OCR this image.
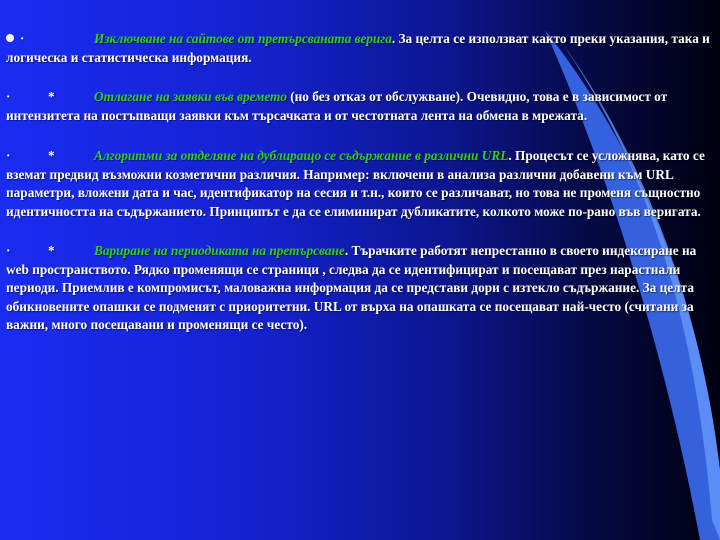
·	Изключване на сайтове от претърсваната верига. За целта се използват както преки указания, така и логическа и статистическа информация.

·	*	Отлагане на заявки във времето (но без отказ от обслужване). Очевидно, това е в зависимост от интензитета на постъпващи заявки към търсачката и от честотната лента на обмена в мрежата.

·	*	Алгоритми за отделяне на дублиращо се съдържание в различни URL. Процесът се усложнява, като се вземат предвид възможни козметични различия. Например: включени в анализа различни добавени към URL параметри, вложени дата и час, идентификатор на сесия и т.н., които се различават, но това не променя същностно идентичността на съдържанието. Принципът е да се елиминират дубликатите, колкото може по-рано във веригата.

·	*	Вариране на периодиката на претърсване. Търачките работят непрестанно в своето индексиране на web пространството. Рядко променящи се страници , следва да се идентифицират и посещават през нарастнали периоди. Приемлив е компромисът, маловажна информация да се представи дори с изтекло съдържание. За целта обикновените опашки се подменят с приоритетни. URL от върха на опашката се посещават най-често (считани за важни, много посещавани и променящи се често).
